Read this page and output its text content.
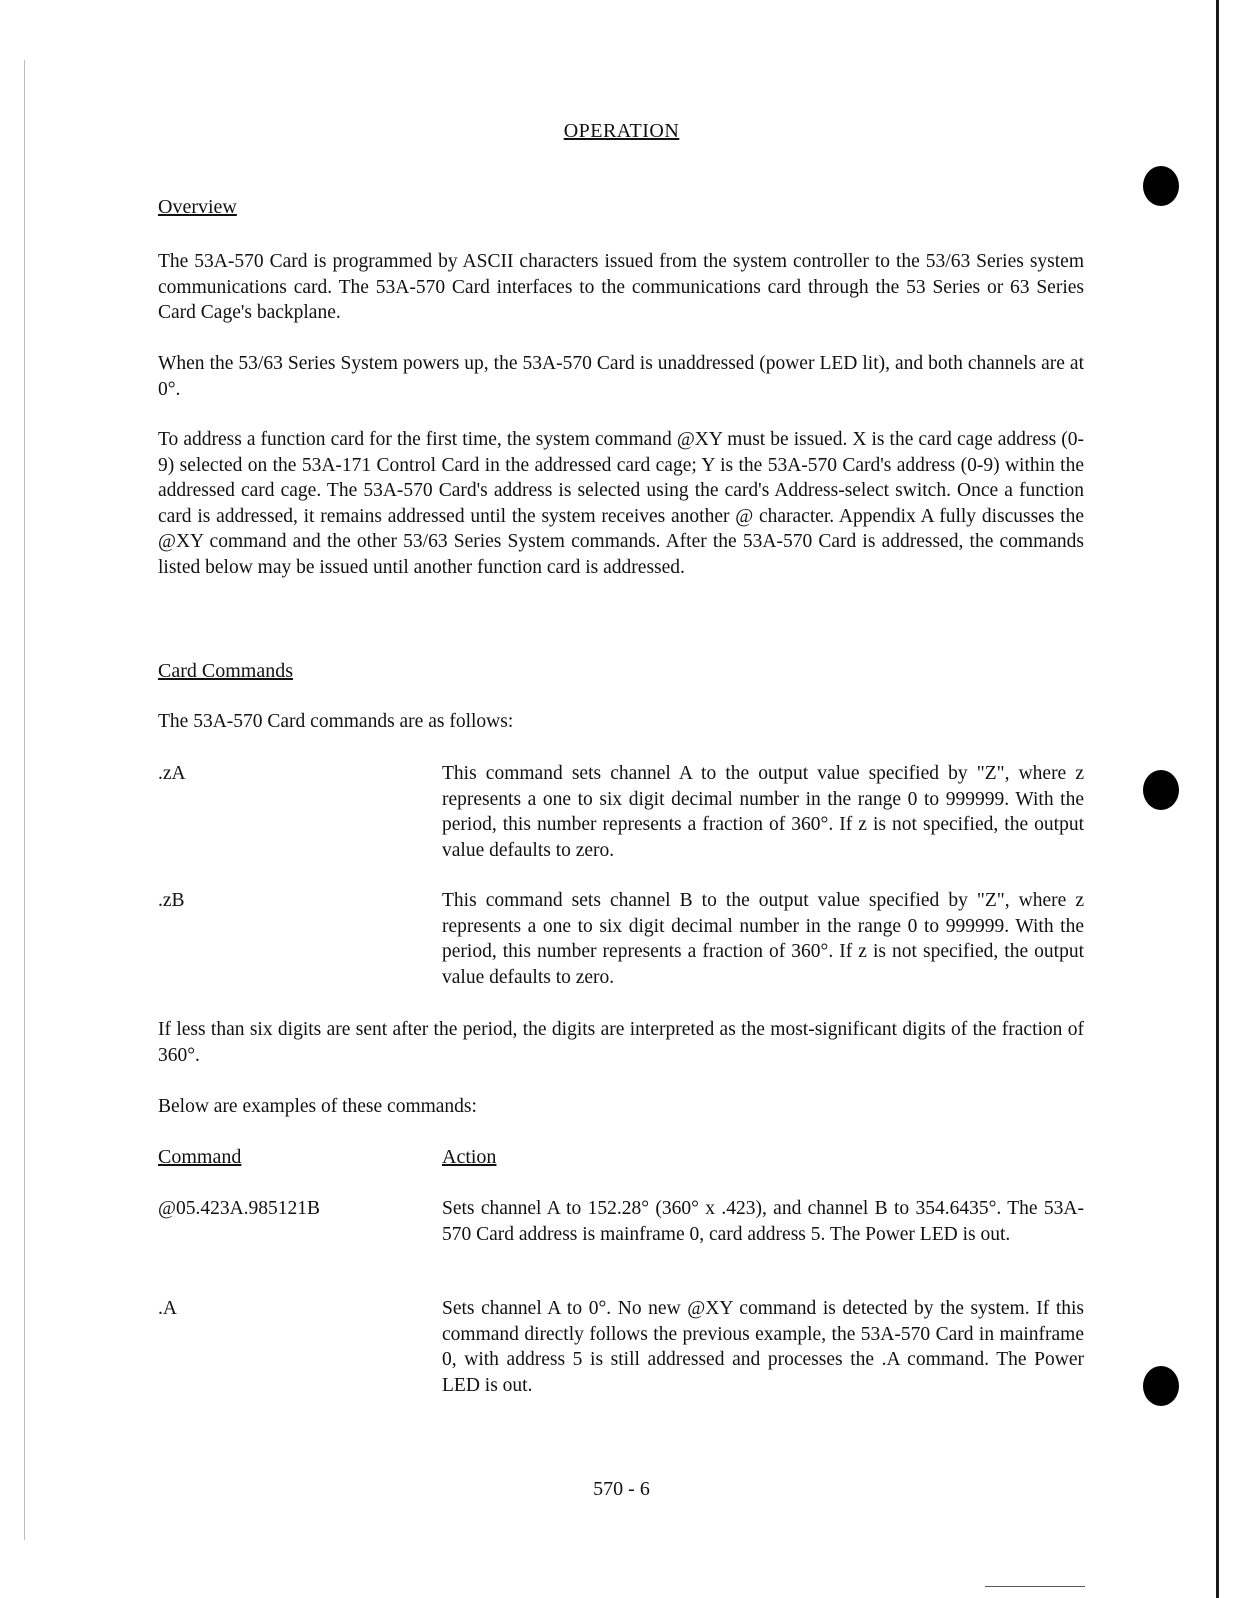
OPERATION
Overview
The 53A-570 Card is programmed by ASCII characters issued from the system controller to the 53/63 Series system communications card. The 53A-570 Card interfaces to the communications card through the 53 Series or 63 Series Card Cage's backplane.
When the 53/63 Series System powers up, the 53A-570 Card is unaddressed (power LED lit), and both channels are at 0°.
To address a function card for the first time, the system command @XY must be issued. X is the card cage address (0-9) selected on the 53A-171 Control Card in the addressed card cage; Y is the 53A-570 Card's address (0-9) within the addressed card cage. The 53A-570 Card's address is selected using the card's Address-select switch. Once a function card is addressed, it remains addressed until the system receives another @ character. Appendix A fully discusses the @XY command and the other 53/63 Series System commands. After the 53A-570 Card is addressed, the commands listed below may be issued until another function card is addressed.
Card Commands
The 53A-570 Card commands are as follows:
.zA	This command sets channel A to the output value specified by "Z", where z represents a one to six digit decimal number in the range 0 to 999999. With the period, this number represents a fraction of 360°. If z is not specified, the output value defaults to zero.
.zB	This command sets channel B to the output value specified by "Z", where z represents a one to six digit decimal number in the range 0 to 999999. With the period, this number represents a fraction of 360°. If z is not specified, the output value defaults to zero.
If less than six digits are sent after the period, the digits are interpreted as the most-significant digits of the fraction of 360°.
Below are examples of these commands:
Command	Action
@05.423A.985121B	Sets channel A to 152.28° (360° x .423), and channel B to 354.6435°. The 53A-570 Card address is mainframe 0, card address 5. The Power LED is out.
.A	Sets channel A to 0°. No new @XY command is detected by the system. If this command directly follows the previous example, the 53A-570 Card in mainframe 0, with address 5 is still addressed and processes the .A command. The Power LED is out.
570 - 6
